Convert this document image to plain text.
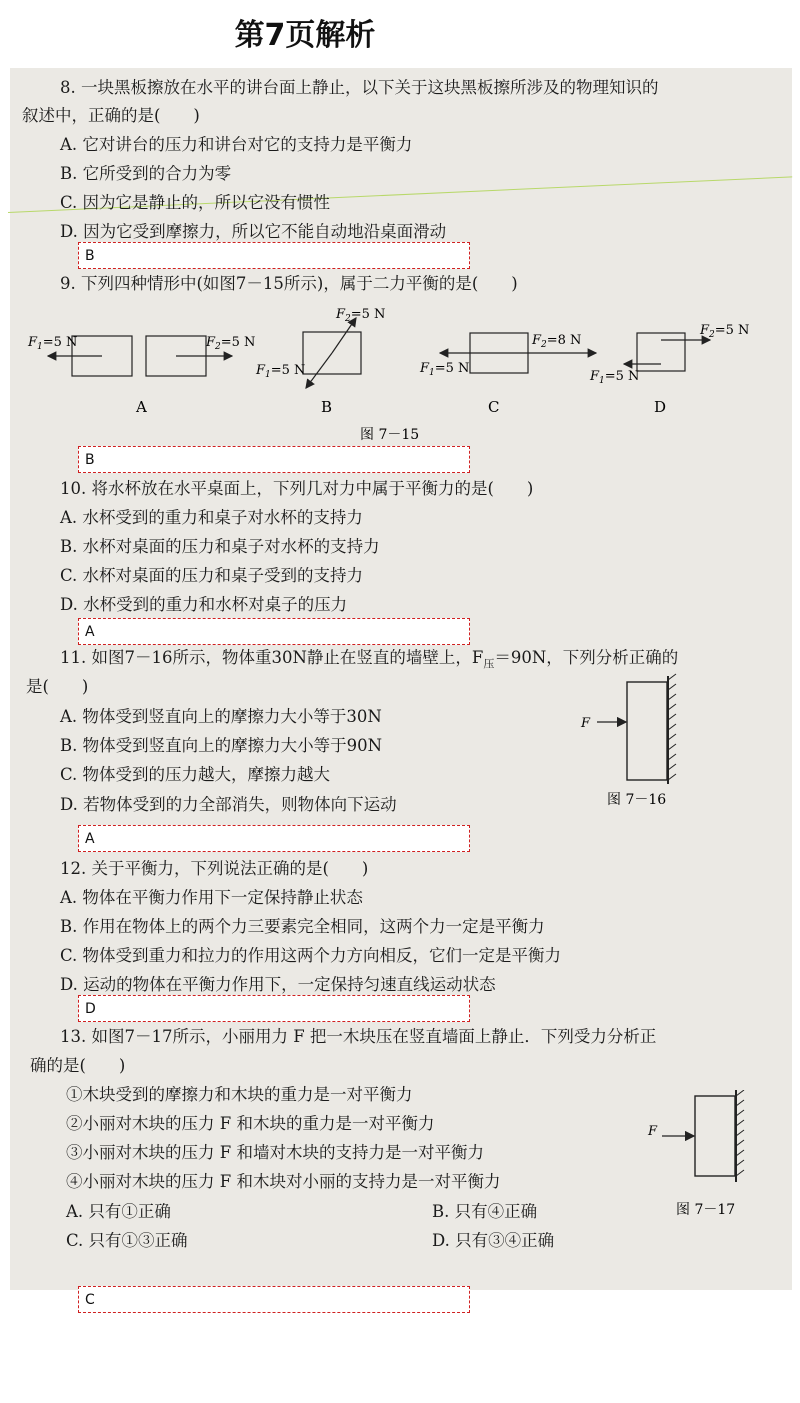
第7页解析
8. 一块黑板擦放在水平的讲台面上静止，以下关于这块黑板擦所涉及的物理知识的
叙述中，正确的是(　　)
A. 它对讲台的压力和讲台对它的支持力是平衡力
B. 它所受到的合力为零
C. 因为它是静止的，所以它没有惯性
D. 因为它受到摩擦力，所以它不能自动地沿桌面滑动
B
9. 下列四种情形中(如图7－15所示)，属于二力平衡的是(　　)
$F_1=5$ N	$F_2=5$ N
A
$F_2=5$ N
$F_1=5$ N
B
$F_2=8$ N
$F_1=5$ N
C
$F_2=5$ N
$F_1=5$ N
D
图 7－15
B
10. 将水杯放在水平桌面上，下列几对力中属于平衡力的是(　　)
A. 水杯受到的重力和桌子对水杯的支持力
B. 水杯对桌面的压力和桌子对水杯的支持力
C. 水杯对桌面的压力和桌子受到的支持力
D. 水杯受到的重力和水杯对桌子的压力
A
11. 如图7－16所示，物体重30N静止在竖直的墙壁上，$F_压=90N$，下列分析正确的
是(　　)
A. 物体受到竖直向上的摩擦力大小等于30N
B. 物体受到竖直向上的摩擦力大小等于90N
C. 物体受到的压力越大，摩擦力越大
D. 若物体受到的力全部消失，则物体向下运动
F
图 7－16
A
12. 关于平衡力，下列说法正确的是(　　)
A. 物体在平衡力作用下一定保持静止状态
B. 作用在物体上的两个力三要素完全相同，这两个力一定是平衡力
C. 物体受到重力和拉力的作用这两个力方向相反，它们一定是平衡力
D. 运动的物体在平衡力作用下，一定保持匀速直线运动状态
D
13. 如图7－17所示，小丽用力 F 把一木块压在竖直墙面上静止．下列受力分析正
确的是(　　)
①木块受到的摩擦力和木块的重力是一对平衡力
②小丽对木块的压力 F 和木块的重力是一对平衡力
③小丽对木块的压力 F 和墙对木块的支持力是一对平衡力
④小丽对木块的压力 F 和木块对小丽的支持力是一对平衡力
A. 只有①正确	B. 只有④正确
C. 只有①③正确	D. 只有③④正确
F
图 7－17
C
